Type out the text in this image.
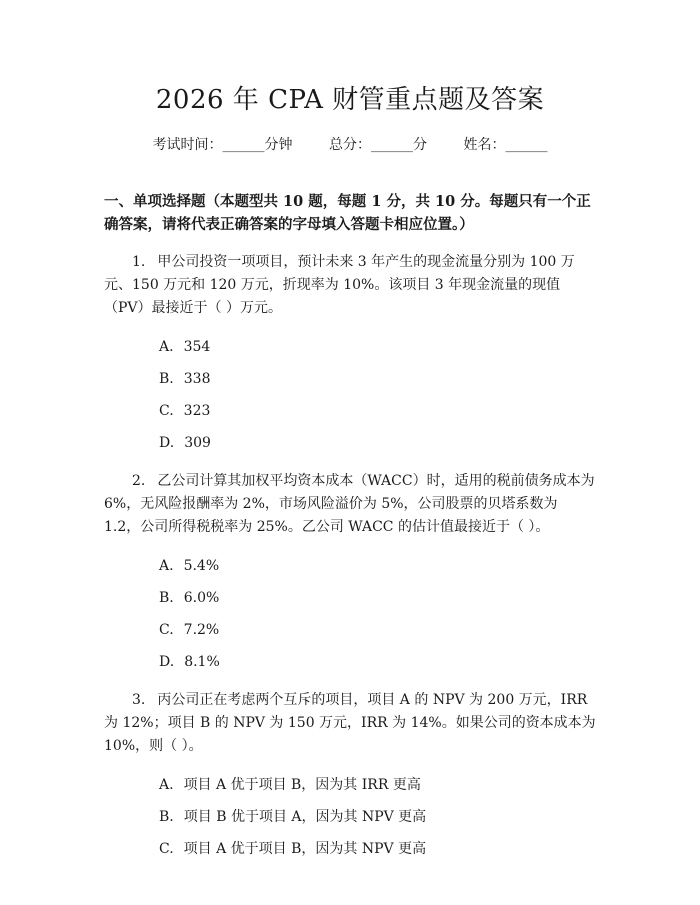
2026 年 CPA 财管重点题及答案
考试时间：______分钟	总分：______分	姓名：______
一、单项选择题（本题型共 10 题，每题 1 分，共 10 分。每题只有一个正确答案，请将代表正确答案的字母填入答题卡相应位置。）
1. 甲公司投资一项项目，预计未来 3 年产生的现金流量分别为 100 万元、150 万元和 120 万元，折现率为 10%。该项目 3 年现金流量的现值（PV）最接近于（ ）万元。
A. 354
B. 338
C. 323
D. 309
2. 乙公司计算其加权平均资本成本（WACC）时，适用的税前债务成本为 6%，无风险报酬率为 2%，市场风险溢价为 5%，公司股票的贝塔系数为 1.2，公司所得税税率为 25%。乙公司 WACC 的估计值最接近于（ ）。
A. 5.4%
B. 6.0%
C. 7.2%
D. 8.1%
3. 丙公司正在考虑两个互斥的项目，项目 A 的 NPV 为 200 万元，IRR 为 12%；项目 B 的 NPV 为 150 万元，IRR 为 14%。如果公司的资本成本为 10%，则（ ）。
A. 项目 A 优于项目 B，因为其 IRR 更高
B. 项目 B 优于项目 A，因为其 NPV 更高
C. 项目 A 优于项目 B，因为其 NPV 更高
